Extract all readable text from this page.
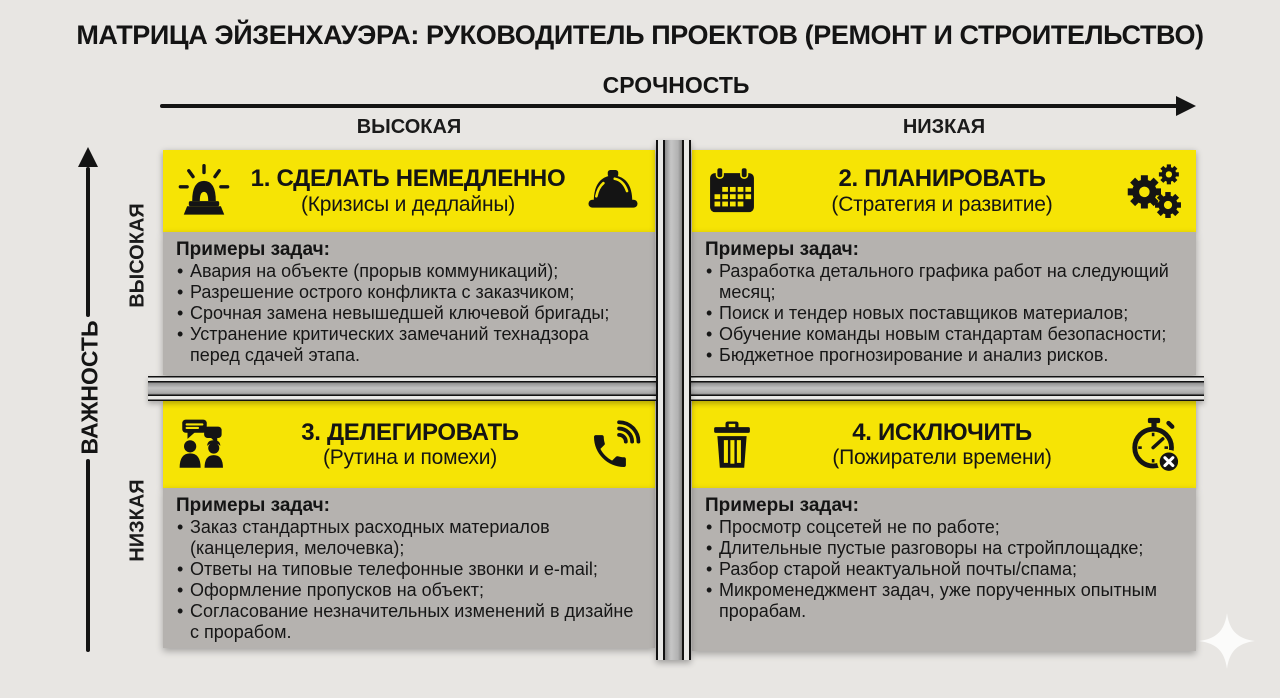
МАТРИЦА ЭЙЗЕНХАУЭРА: РУКОВОДИТЕЛЬ ПРОЕКТОВ (РЕМОНТ И СТРОИТЕЛЬСТВО)
СРОЧНОСТЬ
ВЫСОКАЯ	НИЗКАЯ
ВАЖНОСТЬ
ВЫСОКАЯ
НИЗКАЯ
1. СДЕЛАТЬ НЕМЕДЛЕННО
(Кризисы и дедлайны)
Примеры задач:
• Авария на объекте (прорыв коммуникаций);
• Разрешение острого конфликта с заказчиком;
• Срочная замена невышедшей ключевой бригады;
• Устранение критических замечаний технадзора перед сдачей этапа.
2. ПЛАНИРОВАТЬ
(Стратегия и развитие)
Примеры задач:
• Разработка детального графика работ на следующий месяц;
• Поиск и тендер новых поставщиков материалов;
• Обучение команды новым стандартам безопасности;
• Бюджетное прогнозирование и анализ рисков.
3. ДЕЛЕГИРОВАТЬ
(Рутина и помехи)
Примеры задач:
• Заказ стандартных расходных материалов (канцелерия, мелочевка);
• Ответы на типовые телефонные звонки и e-mail;
• Оформление пропусков на объект;
• Согласование незначительных изменений в дизайне с прорабом.
4. ИСКЛЮЧИТЬ
(Пожиратели времени)
Примеры задач:
• Просмотр соцсетей не по работе;
• Длительные пустые разговоры на стройплощадке;
• Разбор старой неактуальной почты/спама;
• Микроменеджмент задач, уже порученных опытным прорабам.
